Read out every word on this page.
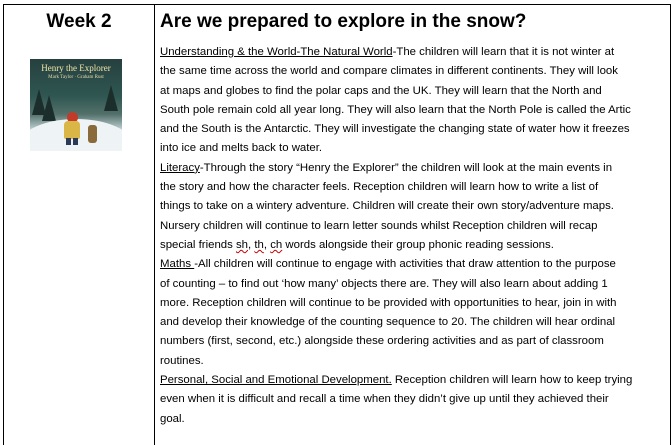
Week 2
Henry the Explorer
Mark Taylor · Graham Rust
Are we prepared to explore in the snow?
Understanding & the World-The Natural World-The children will learn that it is not winter at
the same time across the world and compare climates in different continents. They will look
at maps and globes to find the polar caps and the UK. They will learn that the North and
South pole remain cold all year long. They will also learn that the North Pole is called the Artic
and the South is the Antarctic. They will investigate the changing state of water how it freezes
into ice and melts back to water.
Literacy-Through the story “Henry the Explorer” the children will look at the main events in
the story and how the character feels. Reception children will learn how to write a list of
things to take on a wintery adventure. Children will create their own story/adventure maps.
Nursery children will continue to learn letter sounds whilst Reception children will recap
special friends sh, th, ch words alongside their group phonic reading sessions.
Maths -All children will continue to engage with activities that draw attention to the purpose
of counting – to find out ‘how many’ objects there are. They will also learn about adding 1
more. Reception children will continue to be provided with opportunities to hear, join in with
and develop their knowledge of the counting sequence to 20. The children will hear ordinal
numbers (first, second, etc.) alongside these ordering activities and as part of classroom
routines.
Personal, Social and Emotional Development. Reception children will learn how to keep trying
even when it is difficult and recall a time when they didn’t give up until they achieved their
goal.
